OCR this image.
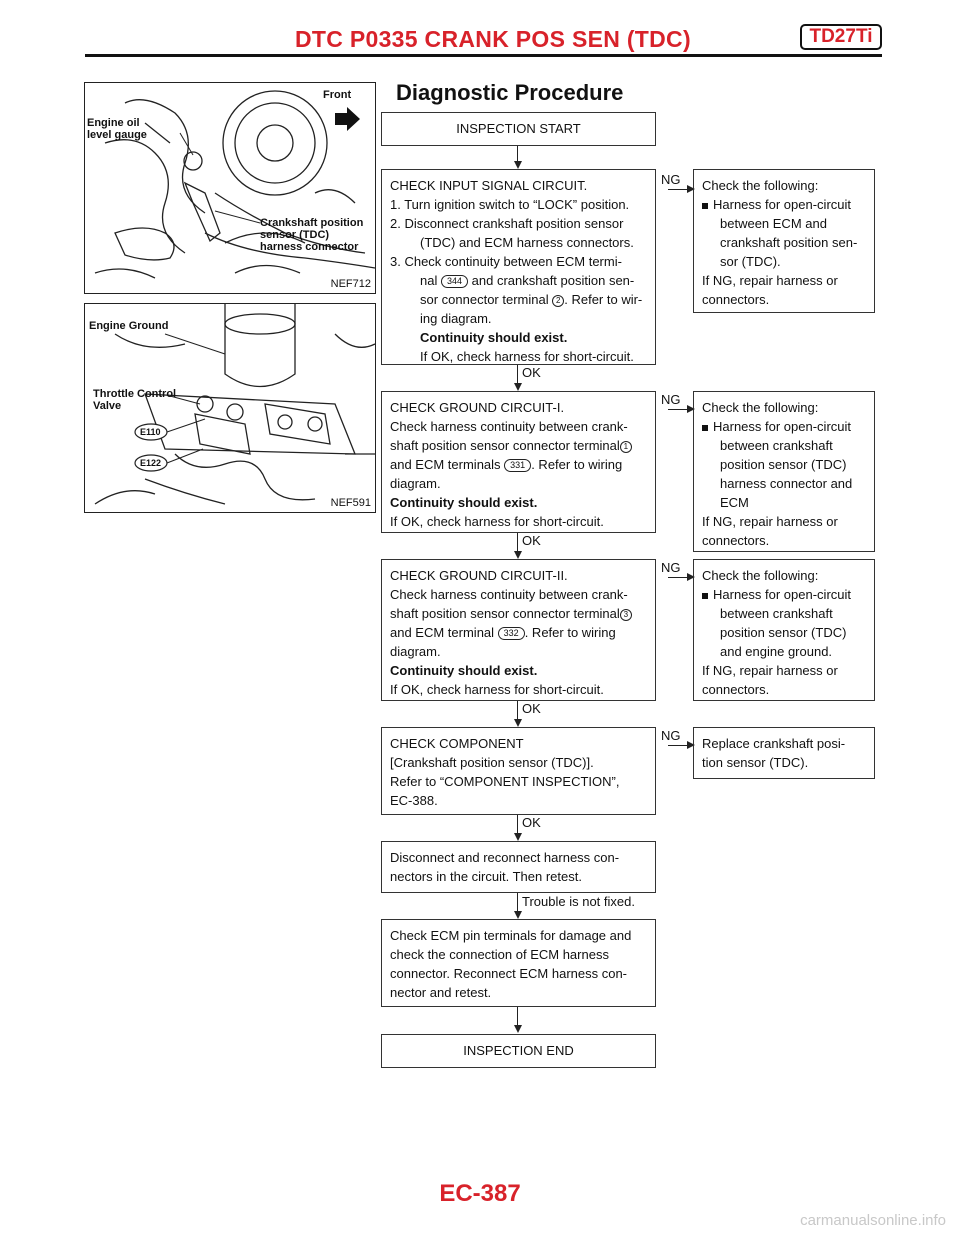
DTC P0335 CRANK POS SEN (TDC)	TD27Ti
Front
Engine oil
level gauge
Crankshaft position
sensor (TDC)
harness connector
NEF712
Engine Ground
Throttle Control
Valve
E110
E122
NEF591
Diagnostic Procedure
INSPECTION START
CHECK INPUT SIGNAL CIRCUIT.
1. Turn ignition switch to “LOCK” position.
2. Disconnect crankshaft position sensor
(TDC) and ECM harness connectors.
3. Check continuity between ECM termi-
nal 344 and crankshaft position sen-
sor connector terminal 2 . Refer to wir-
ing diagram.
Continuity should exist.
If OK, check harness for short-circuit.
NG Check the following:
Harness for open-circuit
between ECM and
crankshaft position sen-
sor (TDC).
If NG, repair harness or
connectors.
OK
CHECK GROUND CIRCUIT-I.
Check harness continuity between crank-
shaft position sensor connector terminal 1
and ECM terminals 331 . Refer to wiring
diagram.
Continuity should exist.
If OK, check harness for short-circuit.
NG
Check the following:
Harness for open-circuit
between crankshaft
position sensor (TDC)
harness connector and
ECM
If NG, repair harness or
connectors.
OK
CHECK GROUND CIRCUIT-II.
Check harness continuity between crank-
shaft position sensor connector terminal 3
and ECM terminal 332 . Refer to wiring
diagram.
Continuity should exist.
If OK, check harness for short-circuit.
NG
Check the following:
Harness for open-circuit
between crankshaft
position sensor (TDC)
and engine ground.
If NG, repair harness or
connectors.
OK
CHECK COMPONENT
[Crankshaft position sensor (TDC)].
Refer to “COMPONENT INSPECTION”,
EC-388.
NG
Replace crankshaft posi-
tion sensor (TDC).
OK
Disconnect and reconnect harness con-
nectors in the circuit. Then retest.
Trouble is not fixed.
Check ECM pin terminals for damage and
check the connection of ECM harness
connector. Reconnect ECM harness con-
nector and retest.
INSPECTION END
EC-387
carmanualsonline.info
